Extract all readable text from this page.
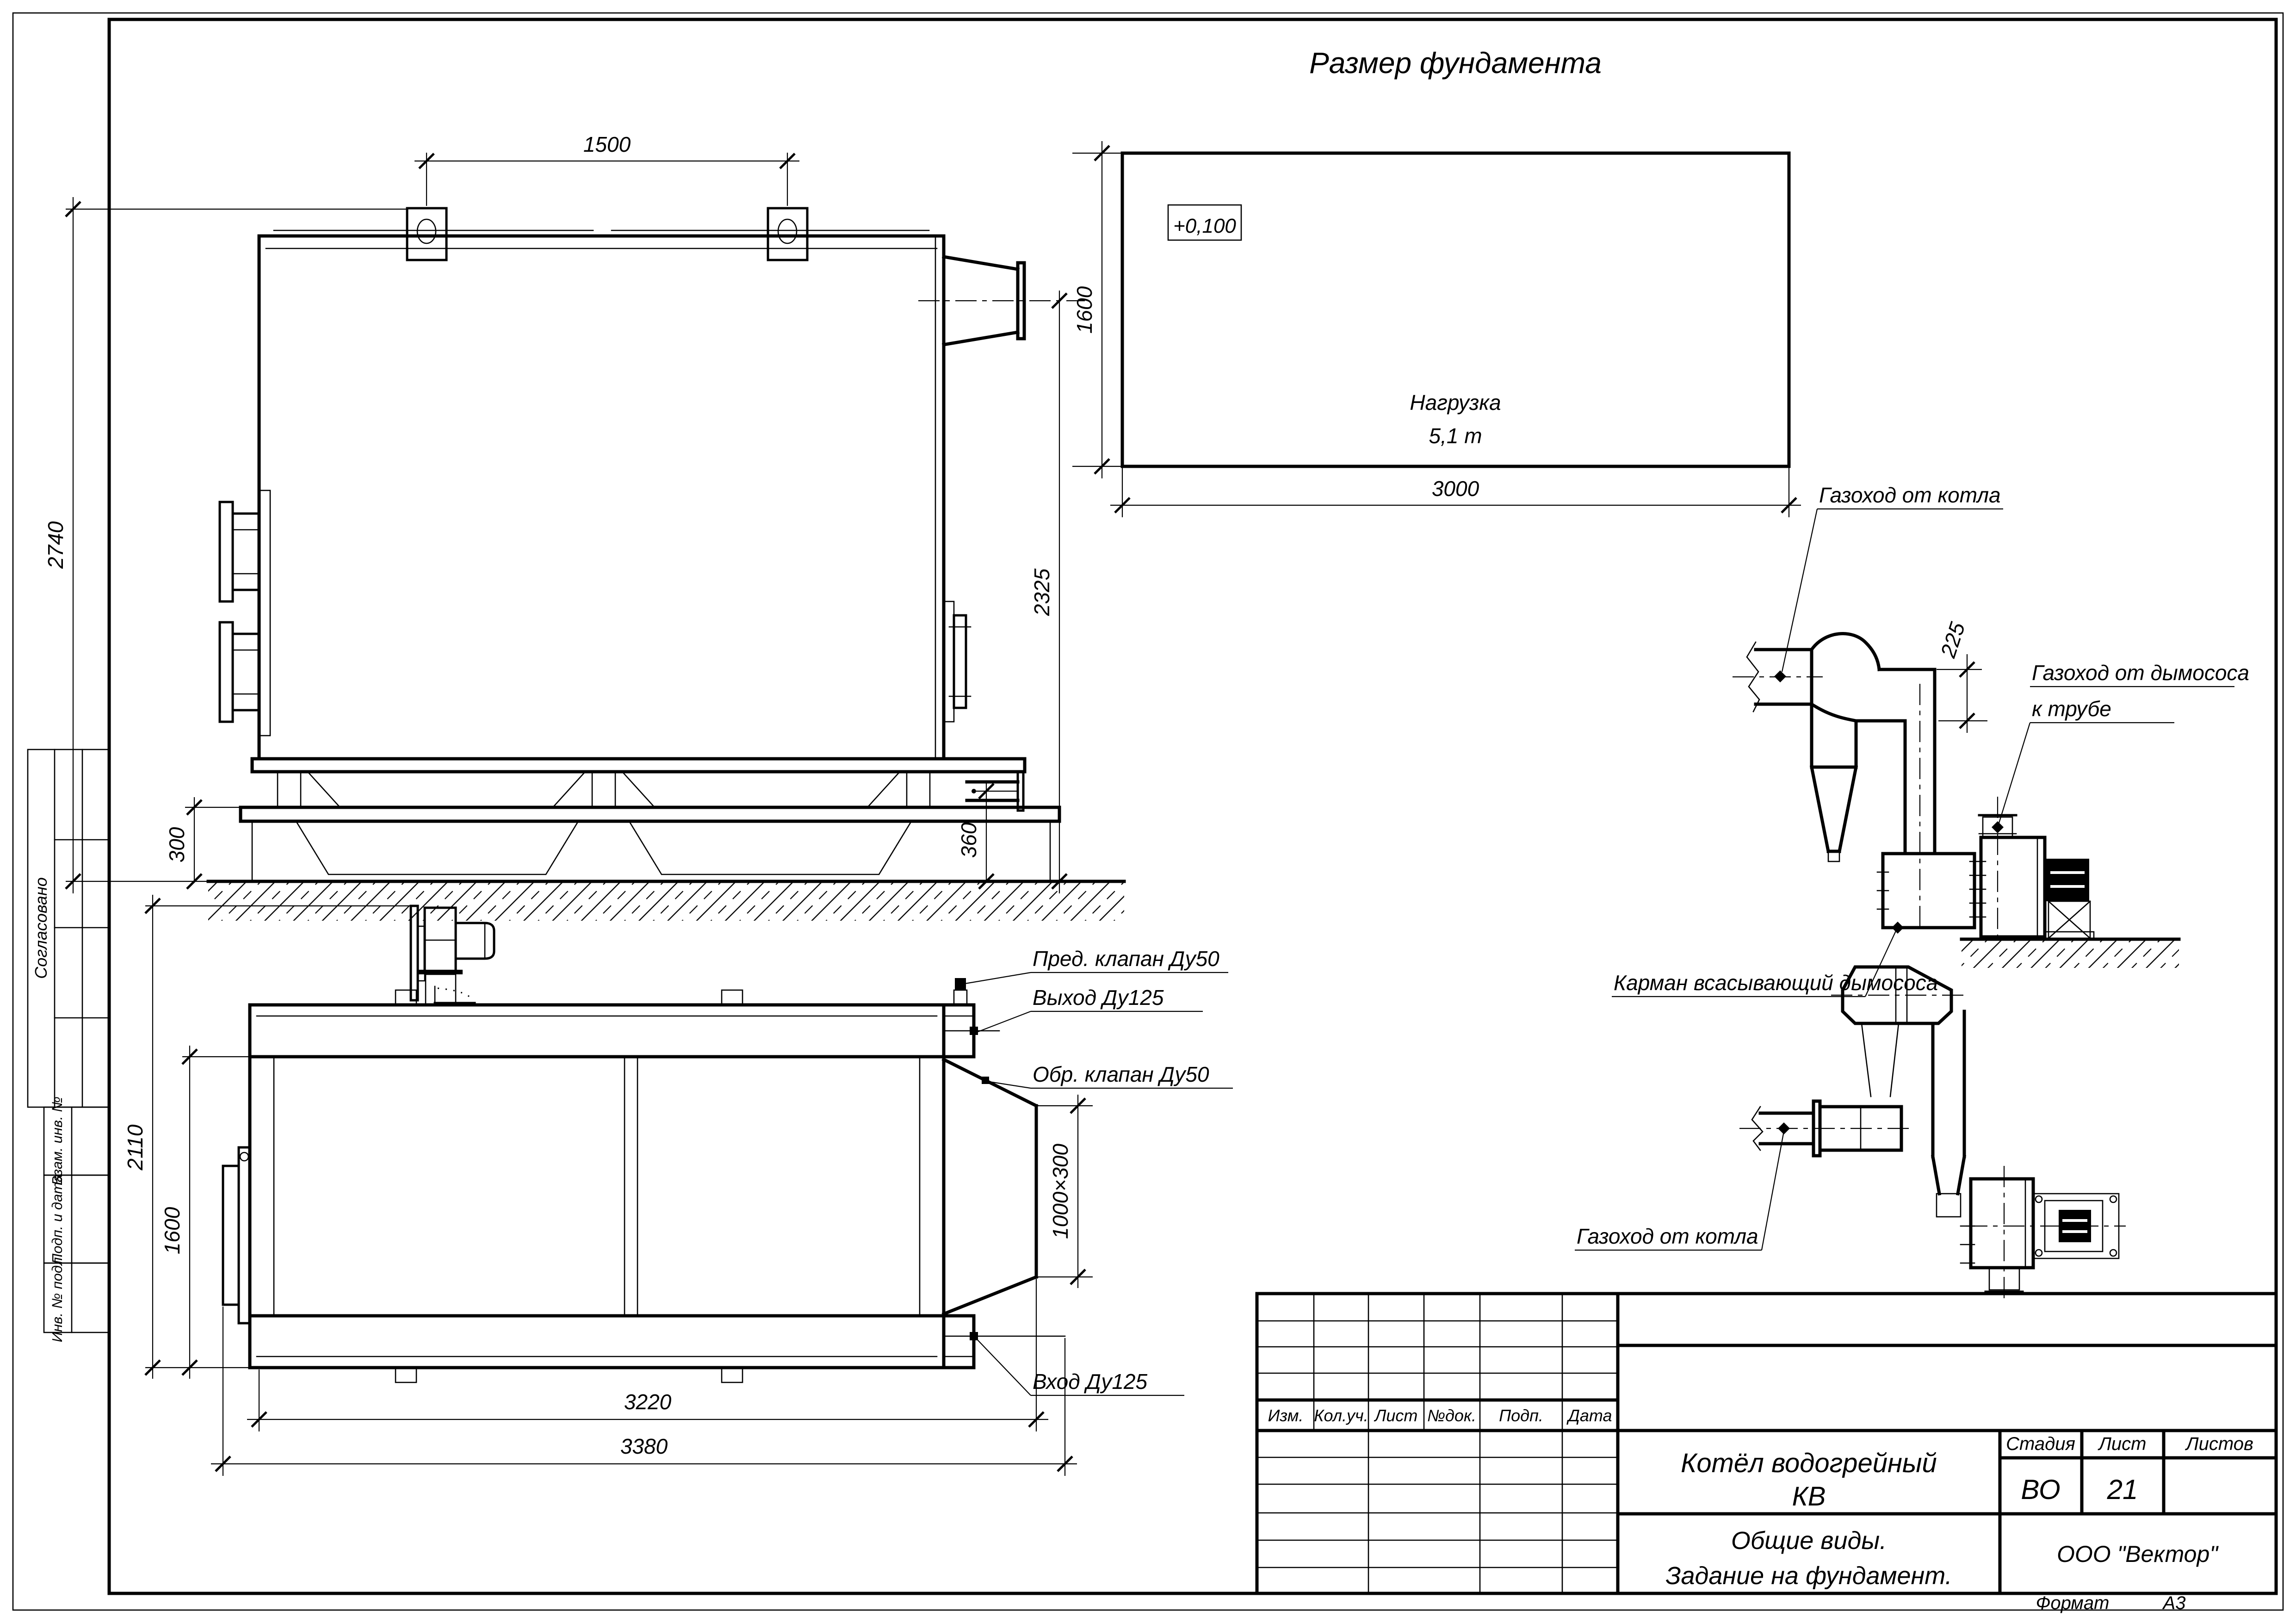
Согласовано
Взам. инв. №
Подп. и дата
Инв. № подл.
Формат	А3
Размер фундамента
+0,100
Нагрузка
5,1 т
1600
3000
1500
2740
300
2325
360
Пред. клапан Ду50
Выход Ду125
Обр. клапан Ду50
Вход Ду125
1000×300
3220
3380
2110
1600
225
Газоход от котла
Газоход от дымососа
к трубе
Карман всасывающий дымососа
Газоход от котла
Изм. Кол.уч. Лист №док. Подп. Дата
Котёл водогрейный
КВ
Стадия Лист Листов
ВО 21
Общие виды.
Задание на фундамент.
ООО "Вектор"
